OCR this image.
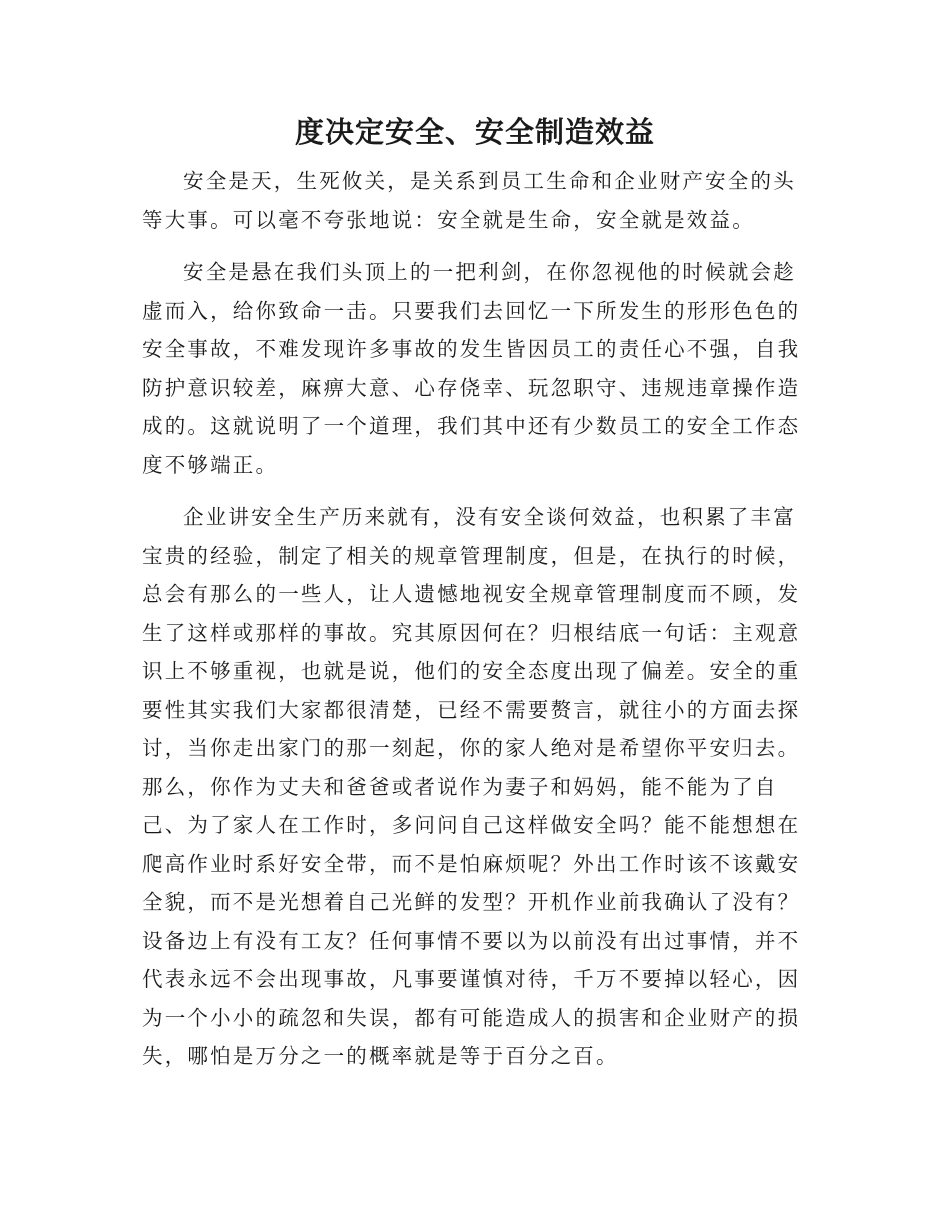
度决定安全、安全制造效益

安全是天，生死攸关，是关系到员工生命和企业财产安全的头等大事。可以毫不夸张地说：安全就是生命，安全就是效益。

安全是悬在我们头顶上的一把利剑，在你忽视他的时候就会趁虚而入，给你致命一击。只要我们去回忆一下所发生的形形色色的安全事故，不难发现许多事故的发生皆因员工的责任心不强，自我防护意识较差，麻痹大意、心存侥幸、玩忽职守、违规违章操作造成的。这就说明了一个道理，我们其中还有少数员工的安全工作态度不够端正。

企业讲安全生产历来就有，没有安全谈何效益，也积累了丰富宝贵的经验，制定了相关的规章管理制度，但是，在执行的时候，总会有那么的一些人，让人遗憾地视安全规章管理制度而不顾，发生了这样或那样的事故。究其原因何在？归根结底一句话：主观意识上不够重视，也就是说，他们的安全态度出现了偏差。安全的重要性其实我们大家都很清楚，已经不需要赘言，就往小的方面去探讨，当你走出家门的那一刻起，你的家人绝对是希望你平安归去。那么，你作为丈夫和爸爸或者说作为妻子和妈妈，能不能为了自己、为了家人在工作时，多问问自己这样做安全吗？能不能想想在爬高作业时系好安全带，而不是怕麻烦呢？外出工作时该不该戴安全貌，而不是光想着自己光鲜的发型？开机作业前我确认了没有？设备边上有没有工友？任何事情不要以为以前没有出过事情，并不代表永远不会出现事故，凡事要谨慎对待，千万不要掉以轻心，因为一个小小的疏忽和失误，都有可能造成人的损害和企业财产的损失，哪怕是万分之一的概率就是等于百分之百。
